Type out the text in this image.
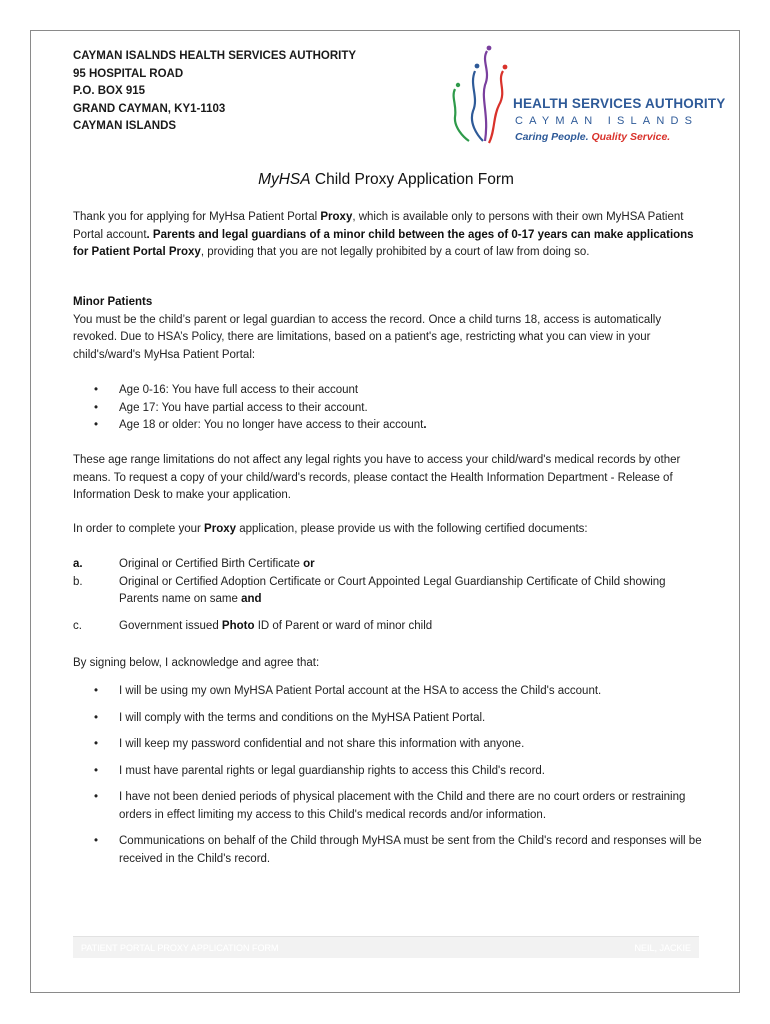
CAYMAN ISALNDS HEALTH SERVICES AUTHORITY
95 HOSPITAL ROAD
P.O. BOX 915
GRAND CAYMAN, KY1-1103
CAYMAN ISLANDS
HEALTH SERVICES AUTHORITY
CAYMAN ISLANDS
Caring People. Quality Service.
MyHSA Child Proxy Application Form

Thank you for applying for MyHsa Patient Portal Proxy, which is available only to persons with their own MyHSA Patient Portal account. Parents and legal guardians of a minor child between the ages of 0-17 years can make applications for Patient Portal Proxy, providing that you are not legally prohibited by a court of law from doing so.

Minor Patients

You must be the child’s parent or legal guardian to access the record. Once a child turns 18, access is automatically revoked. Due to HSA’s Policy, there are limitations, based on a patient's age, restricting what you can view in your child's/ward's MyHsa Patient Portal:

• Age 0-16: You have full access to their account
• Age 17: You have partial access to their account.
• Age 18 or older: You no longer have access to their account.

These age range limitations do not affect any legal rights you have to access your child/ward's medical records by other means. To request a copy of your child/ward's records, please contact the Health Information Department - Release of Information Desk to make your application.

In order to complete your Proxy application, please provide us with the following certified documents:

a.	Original or Certified Birth Certificate or
b.	Original or Certified Adoption Certificate or Court Appointed Legal Guardianship Certificate of Child showing Parents name on same and
c.	Government issued Photo ID of Parent or ward of minor child

By signing below, I acknowledge and agree that:

• I will be using my own MyHSA Patient Portal account at the HSA to access the Child's account.
• I will comply with the terms and conditions on the MyHSA Patient Portal.
• I will keep my password confidential and not share this information with anyone.
• I must have parental rights or legal guardianship rights to access this Child's record.
• I have not been denied periods of physical placement with the Child and there are no court orders or restraining orders in effect limiting my access to this Child's medical records and/or information.
• Communications on behalf of the Child through MyHSA must be sent from the Child's record and responses will be received in the Child's record.
PATIENT PORTAL PROXY APPLICATION FORM	NEIL, JACKIE
